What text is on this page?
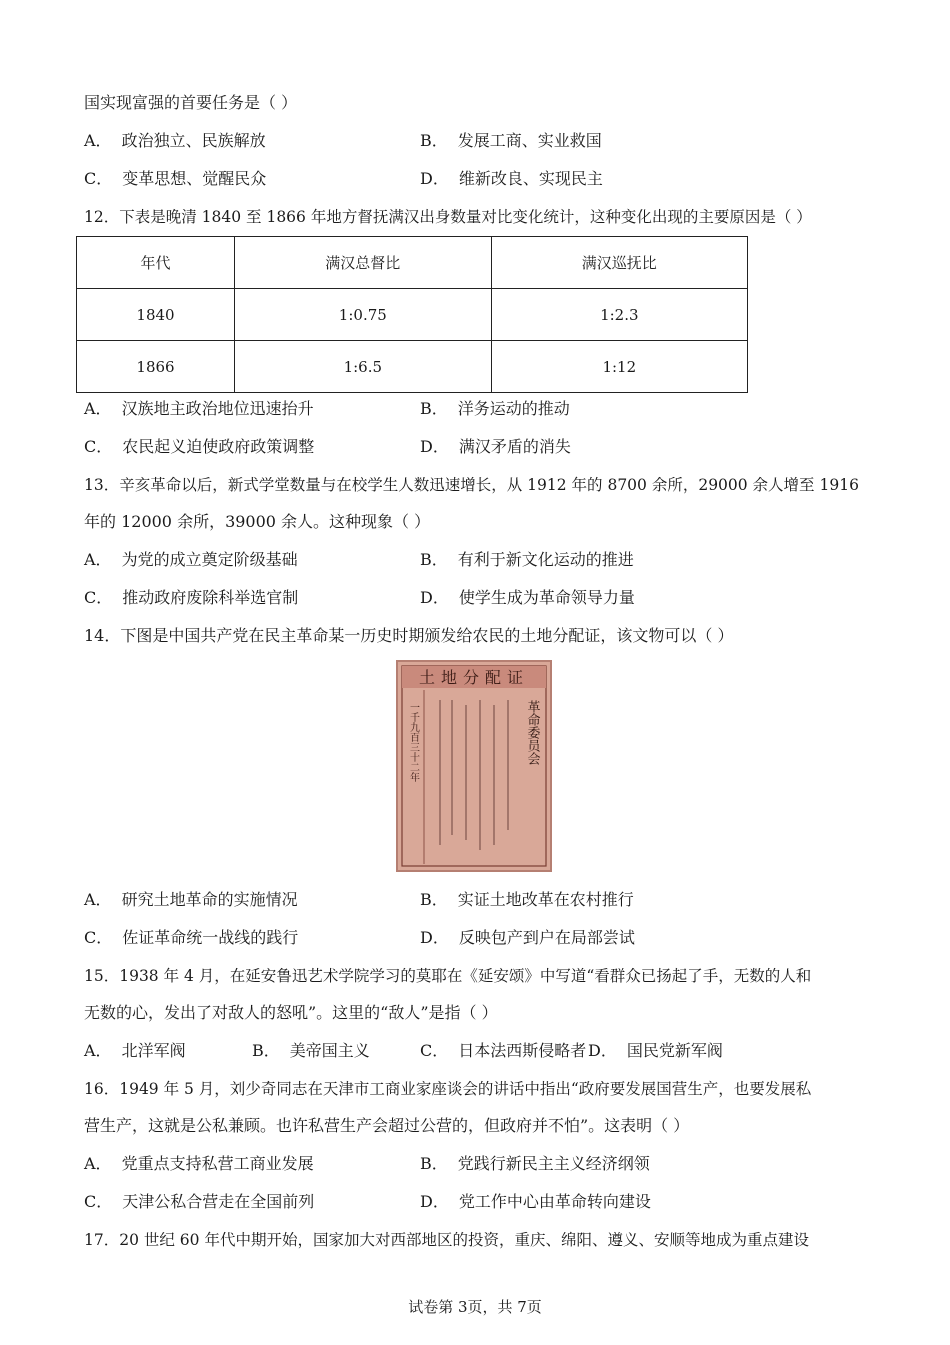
国实现富强的首要任务是（ ）
A． 政治独立、民族解放	B． 发展工商、实业救国
C． 变革思想、觉醒民众	D． 维新改良、实现民主
12．下表是晚清 1840 至 1866 年地方督抚满汉出身数量对比变化统计，这种变化出现的主要原因是（ ）
年代	满汉总督比	满汉巡抚比
1840	1:0.75	1:2.3
1866	1:6.5	1:12
A． 汉族地主政治地位迅速抬升	B． 洋务运动的推动
C． 农民起义迫使政府政策调整	D． 满汉矛盾的消失
13．辛亥革命以后，新式学堂数量与在校学生人数迅速增长，从 1912 年的 8700 余所，29000 余人增至 1916
年的 12000 余所，39000 余人。这种现象（ ）
A． 为党的成立奠定阶级基础	B． 有利于新文化运动的推进
C． 推动政府废除科举选官制	D． 使学生成为革命领导力量
14．下图是中国共产党在民主革命某一历史时期颁发给农民的土地分配证，该文物可以（ ）
土地分配证
一千九百三十二年	革命委员会
A． 研究土地革命的实施情况	B． 实证土地改革在农村推行
C． 佐证革命统一战线的践行	D． 反映包产到户在局部尝试
15．1938 年 4 月，在延安鲁迅艺术学院学习的莫耶在《延安颂》中写道“看群众已扬起了手，无数的人和
无数的心，发出了对敌人的怒吼”。这里的“敌人”是指（ ）
A． 北洋军阀	B． 美帝国主义	C． 日本法西斯侵略者 D． 国民党新军阀
16．1949 年 5 月，刘少奇同志在天津市工商业家座谈会的讲话中指出“政府要发展国营生产，也要发展私
营生产，这就是公私兼顾。也许私营生产会超过公营的，但政府并不怕”。这表明（ ）
A． 党重点支持私营工商业发展	B． 党践行新民主主义经济纲领
C． 天津公私合营走在全国前列	D． 党工作中心由革命转向建设
17．20 世纪 60 年代中期开始，国家加大对西部地区的投资，重庆、绵阳、遵义、安顺等地成为重点建设
试卷第 3页，共 7页
